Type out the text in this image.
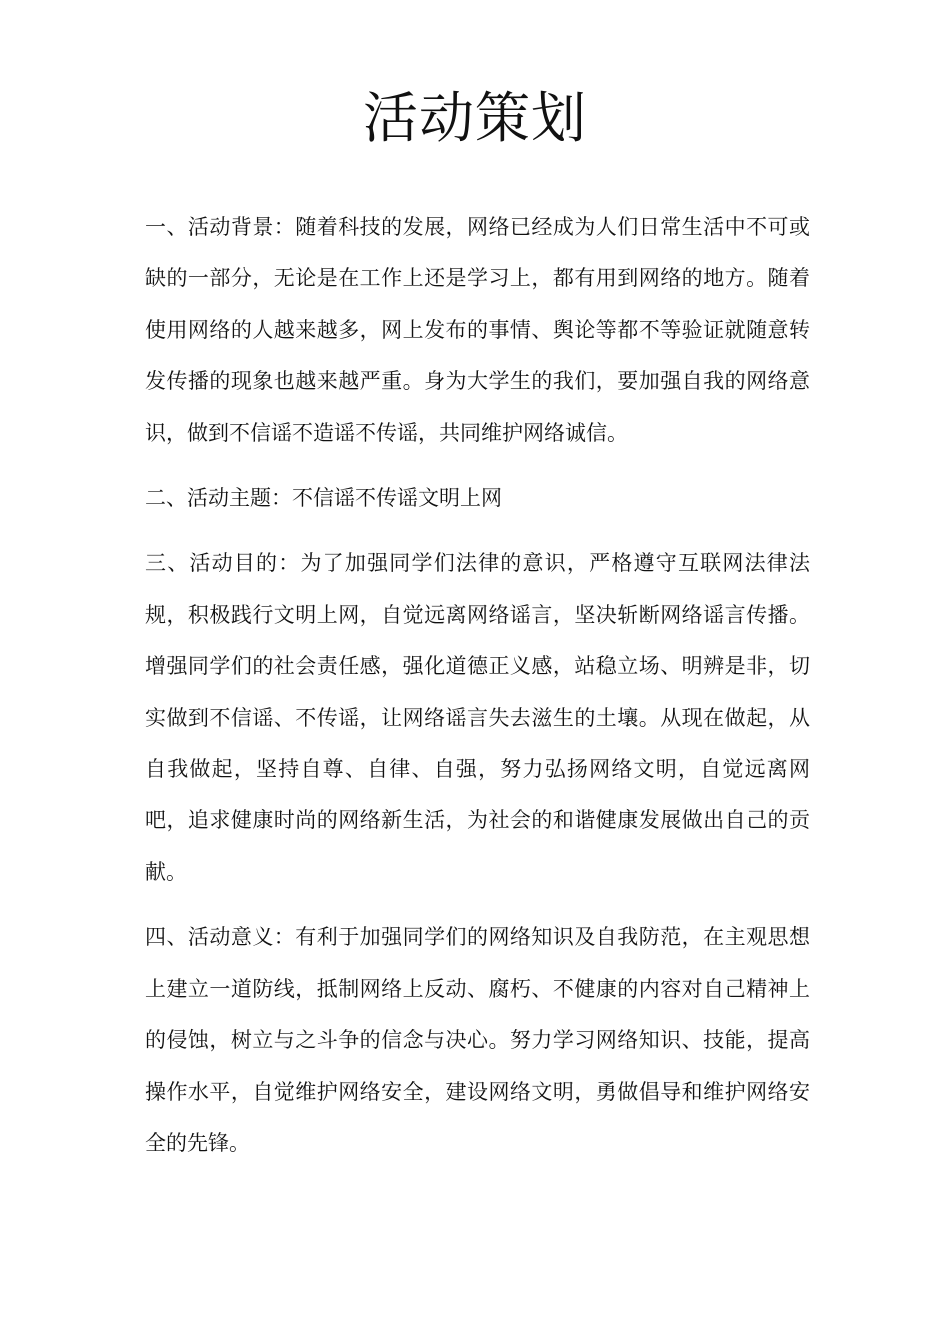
活动策划

一、活动背景：随着科技的发展，网络已经成为人们日常生活中不可或缺的一部分，无论是在工作上还是学习上，都有用到网络的地方。随着使用网络的人越来越多，网上发布的事情、舆论等都不等验证就随意转发传播的现象也越来越严重。身为大学生的我们，要加强自我的网络意识，做到不信谣不造谣不传谣，共同维护网络诚信。

二、活动主题：不信谣不传谣文明上网

三、活动目的：为了加强同学们法律的意识，严格遵守互联网法律法规，积极践行文明上网，自觉远离网络谣言，坚决斩断网络谣言传播。增强同学们的社会责任感，强化道德正义感，站稳立场、明辨是非，切实做到不信谣、不传谣，让网络谣言失去滋生的土壤。从现在做起，从自我做起，坚持自尊、自律、自强，努力弘扬网络文明，自觉远离网吧，追求健康时尚的网络新生活，为社会的和谐健康发展做出自己的贡献。

四、活动意义：有利于加强同学们的网络知识及自我防范，在主观思想上建立一道防线，抵制网络上反动、腐朽、不健康的内容对自己精神上的侵蚀，树立与之斗争的信念与决心。努力学习网络知识、技能，提高操作水平，自觉维护网络安全，建设网络文明，勇做倡导和维护网络安全的先锋。
